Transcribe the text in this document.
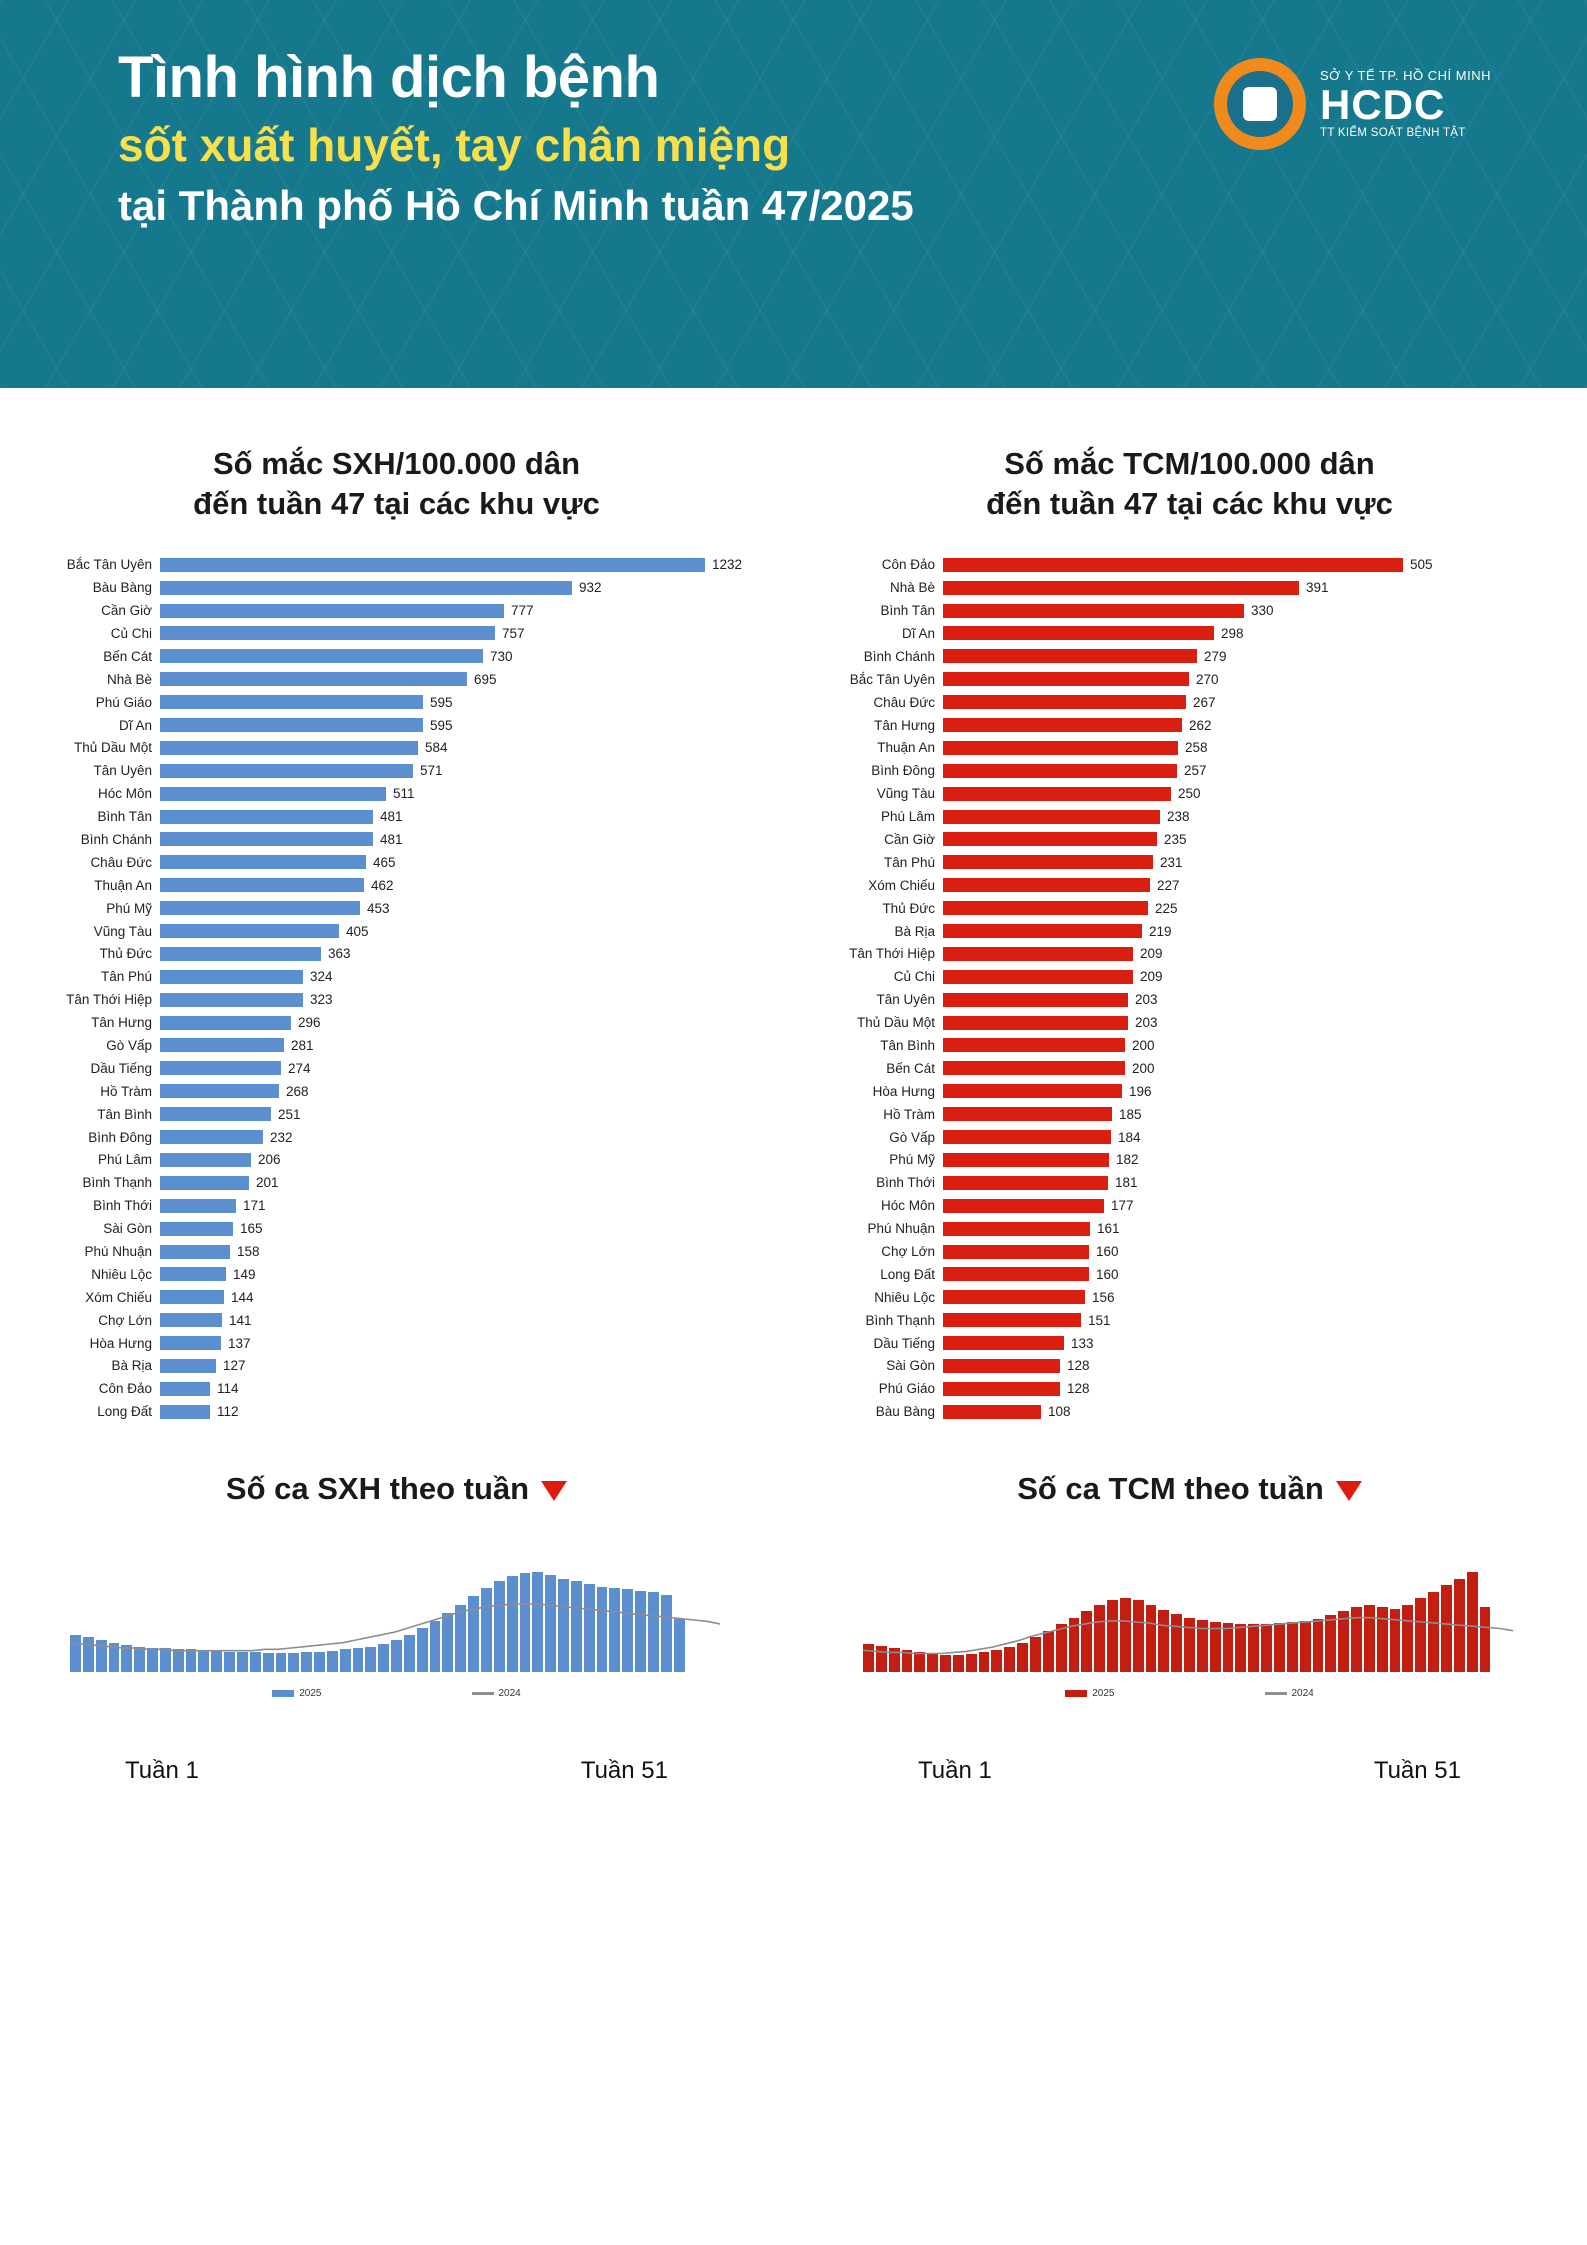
Tình hình dịch bệnh
sốt xuất huyết, tay chân miệng
tại Thành phố Hồ Chí Minh tuần 47/2025
SỞ Y TẾ TP. HỒ CHÍ MINH
HCDC
TT KIỂM SOÁT BỆNH TẬT
Số mắc SXH/100.000 dân
đến tuần 47 tại các khu vực
Bắc Tân Uyên	1232
Bàu Bàng	932
Cần Giờ	777
Củ Chi	757
Bến Cát	730
Nhà Bè	695
Phú Giáo	595
Dĩ An	595
Thủ Dầu Một	584
Tân Uyên	571
Hóc Môn	511
Bình Tân	481
Bình Chánh	481
Châu Đức	465
Thuận An	462
Phú Mỹ	453
Vũng Tàu	405
Thủ Đức	363
Tân Phú	324
Tân Thới Hiệp	323
Tân Hưng	296
Gò Vấp	281
Dầu Tiếng	274
Hồ Tràm	268
Tân Bình	251
Bình Đông	232
Phú Lâm	206
Bình Thạnh	201
Bình Thới	171
Sài Gòn	165
Phú Nhuận	158
Nhiêu Lộc	149
Xóm Chiếu	144
Chợ Lớn	141
Hòa Hưng	137
Bà Rịa	127
Côn Đảo	114
Long Đất	112
Số ca SXH theo tuần
2025	2024
Tuần 1	Tuần 51
Số mắc TCM/100.000 dân
đến tuần 47 tại các khu vực
Côn Đảo	505
Nhà Bè	391
Bình Tân	330
Dĩ An	298
Bình Chánh	279
Bắc Tân Uyên	270
Châu Đức	267
Tân Hưng	262
Thuận An	258
Bình Đông	257
Vũng Tàu	250
Phú Lâm	238
Cần Giờ	235
Tân Phú	231
Xóm Chiếu	227
Thủ Đức	225
Bà Rịa	219
Tân Thới Hiệp	209
Củ Chi	209
Tân Uyên	203
Thủ Dầu Một	203
Tân Bình	200
Bến Cát	200
Hòa Hưng	196
Hồ Tràm	185
Gò Vấp	184
Phú Mỹ	182
Bình Thới	181
Hóc Môn	177
Phú Nhuận	161
Chợ Lớn	160
Long Đất	160
Nhiêu Lộc	156
Bình Thạnh	151
Dầu Tiếng	133
Sài Gòn	128
Phú Giáo	128
Bàu Bàng	108
Số ca TCM theo tuần
2025	2024
Tuần 1	Tuần 51
